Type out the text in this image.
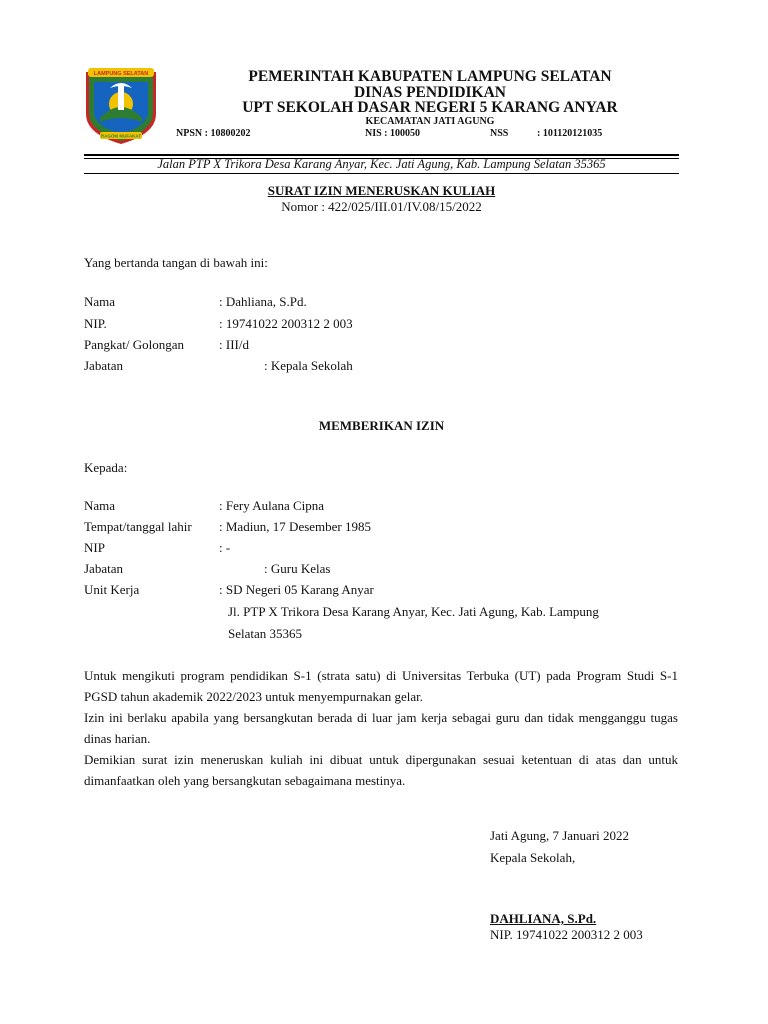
LAMPUNG SELATAN
RAGOM MUFAKAT
PEMERINTAH KABUPATEN LAMPUNG SELATAN
DINAS PENDIDIKAN
UPT SEKOLAH DASAR NEGERI 5 KARANG ANYAR
KECAMATAN JATI AGUNG
NPSN : 10800202	NIS : 100050	NSS	: 101120121035
Jalan PTP X Trikora Desa Karang Anyar, Kec. Jati Agung, Kab. Lampung Selatan 35365
SURAT IZIN MENERUSKAN KULIAH
Nomor : 422/025/III.01/IV.08/15/2022
Yang bertanda tangan di bawah ini:
Nama	: Dahliana, S.Pd.
NIP.	: 19741022 200312 2 003
Pangkat/ Golongan	: III/d
Jabatan	: Kepala Sekolah
MEMBERIKAN IZIN
Kepada:
Nama	: Fery Aulana Cipna
Tempat/tanggal lahir : Madiun, 17 Desember 1985
NIP	: -
Jabatan	: Guru Kelas
Unit Kerja	: SD Negeri 05 Karang Anyar
Jl. PTP X Trikora Desa Karang Anyar, Kec. Jati Agung, Kab. Lampung
Selatan 35365

Untuk mengikuti program pendidikan S-1 (strata satu) di Universitas Terbuka (UT) pada Program Studi S-1 PGSD tahun akademik 2022/2023 untuk menyempurnakan gelar.

Izin ini berlaku apabila yang bersangkutan berada di luar jam kerja sebagai guru dan tidak mengganggu tugas dinas harian.

Demikian surat izin meneruskan kuliah ini dibuat untuk dipergunakan sesuai ketentuan di atas dan untuk dimanfaatkan oleh yang bersangkutan sebagaimana mestinya.

Jati Agung, 7 Januari 2022
Kepala Sekolah,
DAHLIANA, S.Pd.
NIP. 19741022 200312 2 003
